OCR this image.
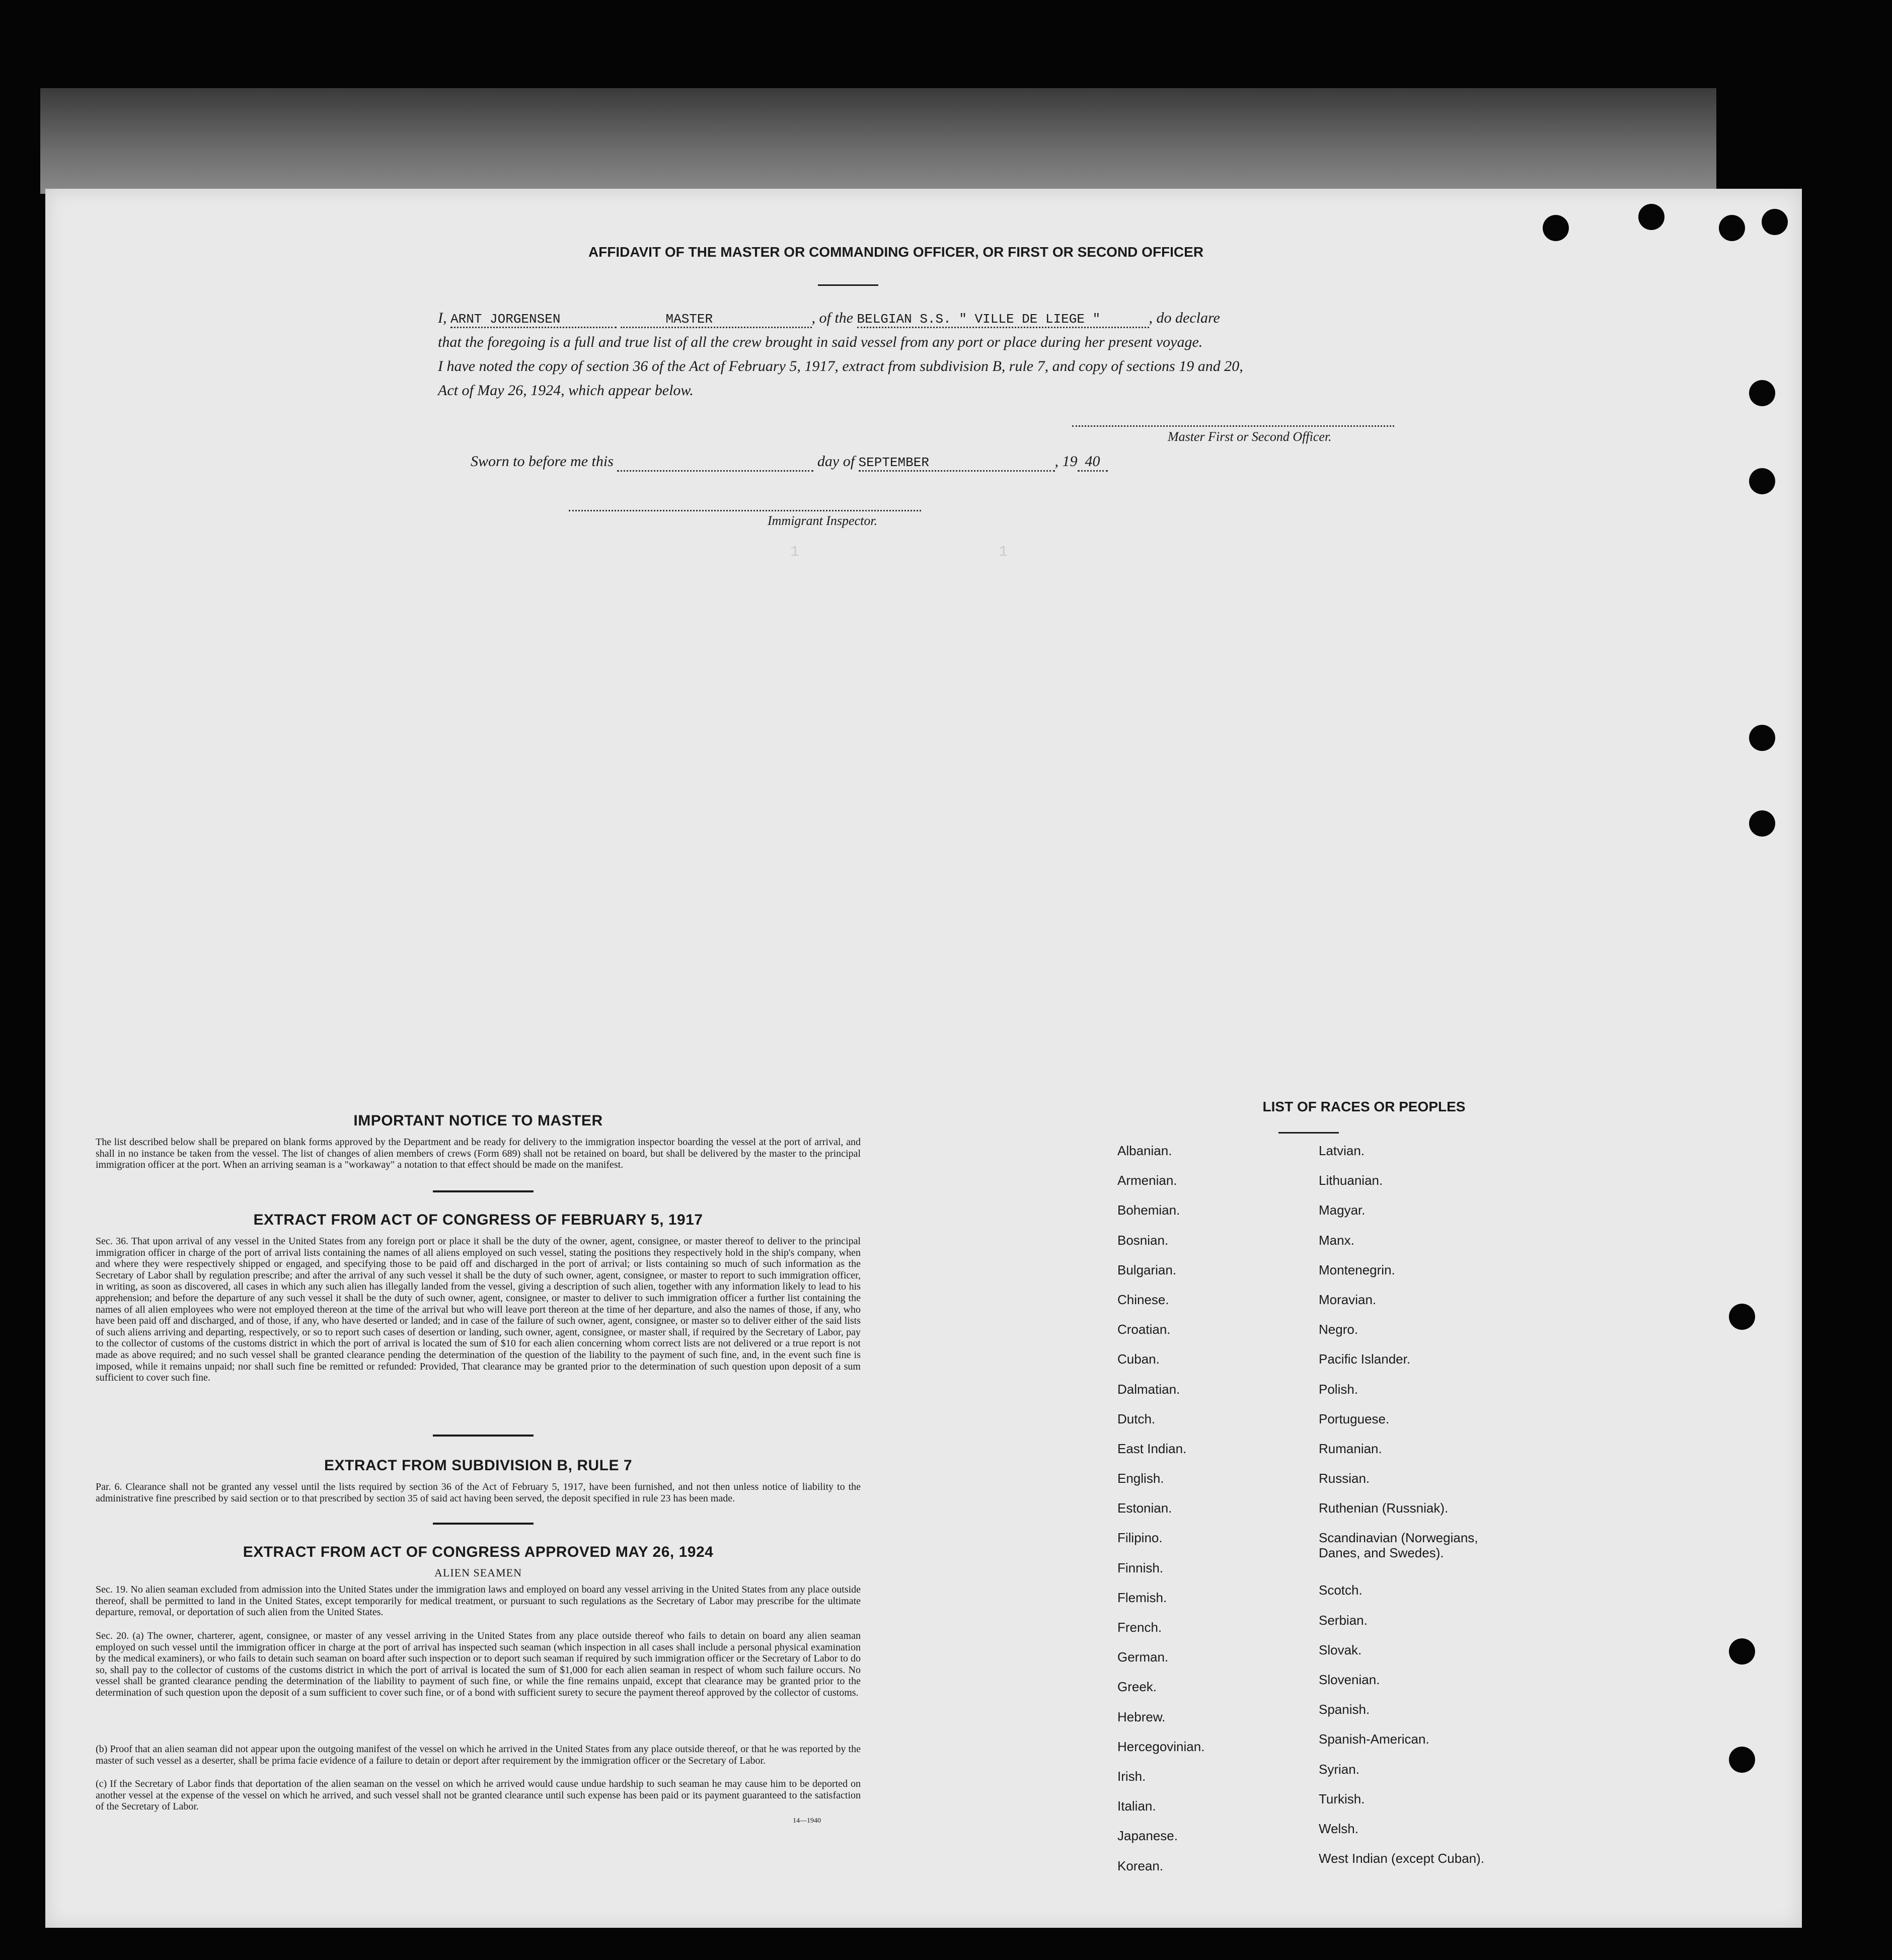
1                      1

AFFIDAVIT OF THE MASTER OR COMMANDING OFFICER, OR FIRST OR SECOND OFFICER
I, ARNT JORGENSEN	MASTER	, of the BELGIAN S.S. " VILLE DE LIEGE "	, do declare
that the foregoing is a full and true list of all the crew brought in said vessel from any port or place during her present voyage.
I have noted the copy of section 36 of the Act of February 5, 1917, extract from subdivision B, rule 7, and copy of sections 19 and 20,
Act of May 26, 1924, which appear below.
Master First or Second Officer.
Sworn to before me this	day of SEPTEMBER	, 19 40
Immigrant Inspector.
IMPORTANT NOTICE TO MASTER
The list described below shall be prepared on blank forms approved by the Department and be ready for delivery to the immigration inspector boarding the vessel at the port of arrival, and shall in no instance be taken from the vessel. The list of changes of alien members of crews (Form 689) shall not be retained on board, but shall be delivered by the master to the principal immigration officer at the port. When an arriving seaman is a "workaway" a notation to that effect should be made on the manifest.
EXTRACT FROM ACT OF CONGRESS OF FEBRUARY 5, 1917
Sec. 36. That upon arrival of any vessel in the United States from any foreign port or place it shall be the duty of the owner, agent, consignee, or master thereof to deliver to the principal immigration officer in charge of the port of arrival lists containing the names of all aliens employed on such vessel, stating the positions they respectively hold in the ship's company, when and where they were respectively shipped or engaged, and specifying those to be paid off and discharged in the port of arrival; or lists containing so much of such information as the Secretary of Labor shall by regulation prescribe; and after the arrival of any such vessel it shall be the duty of such owner, agent, consignee, or master to report to such immigration officer, in writing, as soon as discovered, all cases in which any such alien has illegally landed from the vessel, giving a description of such alien, together with any information likely to lead to his apprehension; and before the departure of any such vessel it shall be the duty of such owner, agent, consignee, or master to deliver to such immigration officer a further list containing the names of all alien employees who were not employed thereon at the time of the arrival but who will leave port thereon at the time of her departure, and also the names of those, if any, who have been paid off and discharged, and of those, if any, who have deserted or landed; and in case of the failure of such owner, agent, consignee, or master so to deliver either of the said lists of such aliens arriving and departing, respectively, or so to report such cases of desertion or landing, such owner, agent, consignee, or master shall, if required by the Secretary of Labor, pay to the collector of customs of the customs district in which the port of arrival is located the sum of $10 for each alien concerning whom correct lists are not delivered or a true report is not made as above required; and no such vessel shall be granted clearance pending the determination of the question of the liability to the payment of such fine, and, in the event such fine is imposed, while it remains unpaid; nor shall such fine be remitted or refunded: Provided, That clearance may be granted prior to the determination of such question upon deposit of a sum sufficient to cover such fine.
EXTRACT FROM SUBDIVISION B, RULE 7
Par. 6. Clearance shall not be granted any vessel until the lists required by section 36 of the Act of February 5, 1917, have been furnished, and not then unless notice of liability to the administrative fine prescribed by said section or to that prescribed by section 35 of said act having been served, the deposit specified in rule 23 has been made.
EXTRACT FROM ACT OF CONGRESS APPROVED MAY 26, 1924
ALIEN SEAMEN
Sec. 19. No alien seaman excluded from admission into the United States under the immigration laws and employed on board any vessel arriving in the United States from any place outside thereof, shall be permitted to land in the United States, except temporarily for medical treatment, or pursuant to such regulations as the Secretary of Labor may prescribe for the ultimate departure, removal, or deportation of such alien from the United States.
Sec. 20. (a) The owner, charterer, agent, consignee, or master of any vessel arriving in the United States from any place outside thereof who fails to detain on board any alien seaman employed on such vessel until the immigration officer in charge at the port of arrival has inspected such seaman (which inspection in all cases shall include a personal physical examination by the medical examiners), or who fails to detain such seaman on board after such inspection or to deport such seaman if required by such immigration officer or the Secretary of Labor to do so, shall pay to the collector of customs of the customs district in which the port of arrival is located the sum of $1,000 for each alien seaman in respect of whom such failure occurs. No vessel shall be granted clearance pending the determination of the liability to payment of such fine, or while the fine remains unpaid, except that clearance may be granted prior to the determination of such question upon the deposit of a sum sufficient to cover such fine, or of a bond with sufficient surety to secure the payment thereof approved by the collector of customs.
(b) Proof that an alien seaman did not appear upon the outgoing manifest of the vessel on which he arrived in the United States from any place outside thereof, or that he was reported by the master of such vessel as a deserter, shall be prima facie evidence of a failure to detain or deport after requirement by the immigration officer or the Secretary of Labor.
(c) If the Secretary of Labor finds that deportation of the alien seaman on the vessel on which he arrived would cause undue hardship to such seaman he may cause him to be deported on another vessel at the expense of the vessel on which he arrived, and such vessel shall not be granted clearance until such expense has been paid or its payment guaranteed to the satisfaction of the Secretary of Labor.
14—1940
LIST OF RACES OR PEOPLES
Albanian.
Armenian.
Bohemian.
Bosnian.
Bulgarian.
Chinese.
Croatian.
Cuban.
Dalmatian.
Dutch.
East Indian.
English.
Estonian.
Filipino.
Finnish.
Flemish.
French.
German.
Greek.
Hebrew.
Hercegovinian.
Irish.
Italian.
Japanese.
Korean.
Latvian.
Lithuanian.
Magyar.
Manx.
Montenegrin.
Moravian.
Negro.
Pacific Islander.
Polish.
Portuguese.
Rumanian.
Russian.
Ruthenian (Russniak).
Scandinavian (Norwegians, Danes, and Swedes).
Scotch.
Serbian.
Slovak.
Slovenian.
Spanish.
Spanish-American.
Syrian.
Turkish.
Welsh.
West Indian (except Cuban).
